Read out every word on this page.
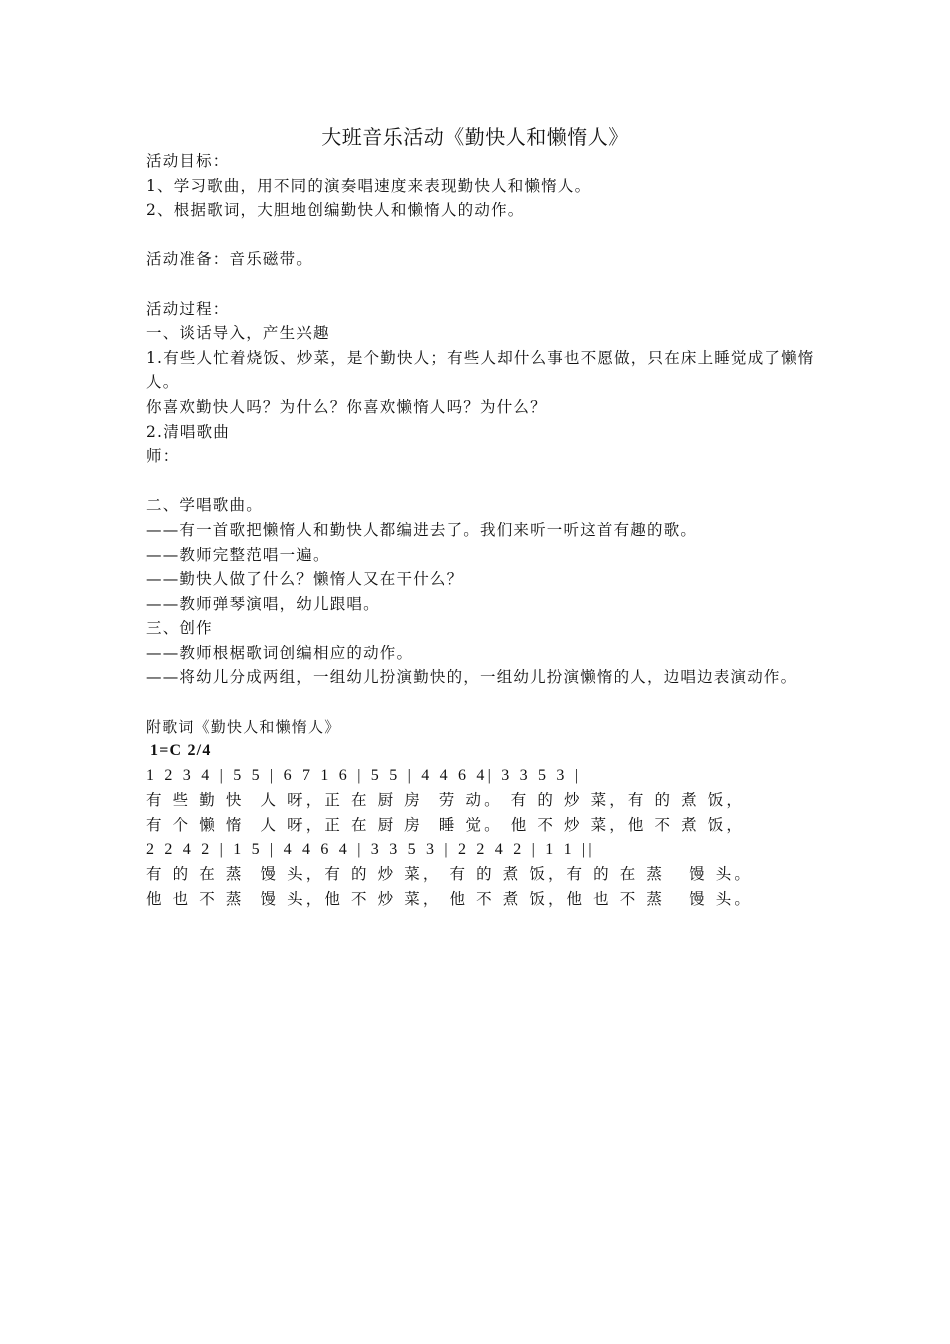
大班音乐活动《勤快人和懒惰人》
活动目标：
1、学习歌曲，用不同的演奏唱速度来表现勤快人和懒惰人。
2、根据歌词，大胆地创编勤快人和懒惰人的动作。
活动准备：音乐磁带。
活动过程：
一、谈话导入，产生兴趣
1.有些人忙着烧饭、炒菜，是个勤快人；有些人却什么事也不愿做，只在床上睡觉成了懒惰人。
你喜欢勤快人吗？为什么？你喜欢懒惰人吗？为什么？
2.清唱歌曲
师：
二、学唱歌曲。
——有一首歌把懒惰人和勤快人都编进去了。我们来听一听这首有趣的歌。
——教师完整范唱一遍。
——勤快人做了什么？懒惰人又在干什么？
——教师弹琴演唱，幼儿跟唱。
三、创作
——教师根椐歌词创编相应的动作。
——将幼儿分成两组，一组幼儿扮演勤快的，一组幼儿扮演懒惰的人，边唱边表演动作。
附歌词《勤快人和懒惰人》
1=C 2/4
1 2 3 4 | 5 5 | 6 7 1 6 | 5 5 | 4 4 6 4| 3 3 5 3 |
有 些 勤 快  人 呀，正 在 厨 房  劳 动。 有 的 炒 菜，有 的 煮 饭，
有 个 懒 惰  人 呀，正 在 厨 房  睡 觉。 他 不 炒 菜，他 不 煮 饭，
2 2 4 2 | 1 5 | 4 4 6 4 | 3 3 5 3 | 2 2 4 2 | 1 1 ||
有 的 在 蒸  馒 头，有 的 炒 菜， 有 的 煮 饭，有 的 在 蒸   馒 头。
他 也 不 蒸  馒 头，他 不 炒 菜， 他 不 煮 饭，他 也 不 蒸   馒 头。
